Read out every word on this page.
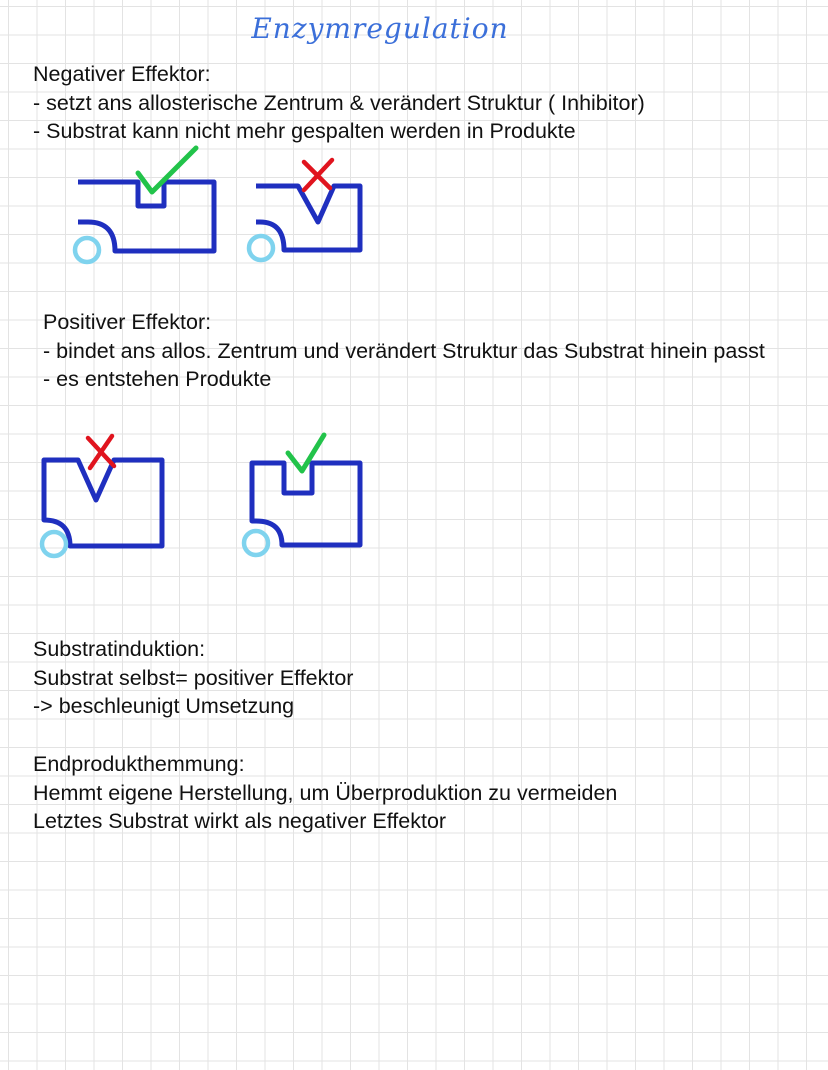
Enzymregulation
Negativer Effektor:
- setzt ans allosterische Zentrum & verändert Struktur ( Inhibitor)
- Substrat kann nicht mehr gespalten werden in Produkte
Positiver Effektor:
- bindet ans allos. Zentrum und verändert Struktur das Substrat hinein passt
- es entstehen Produkte
Substratinduktion:
Substrat selbst= positiver Effektor
-> beschleunigt Umsetzung
Endprodukthemmung:
Hemmt eigene Herstellung, um Überproduktion zu vermeiden
Letztes Substrat wirkt als negativer Effektor
